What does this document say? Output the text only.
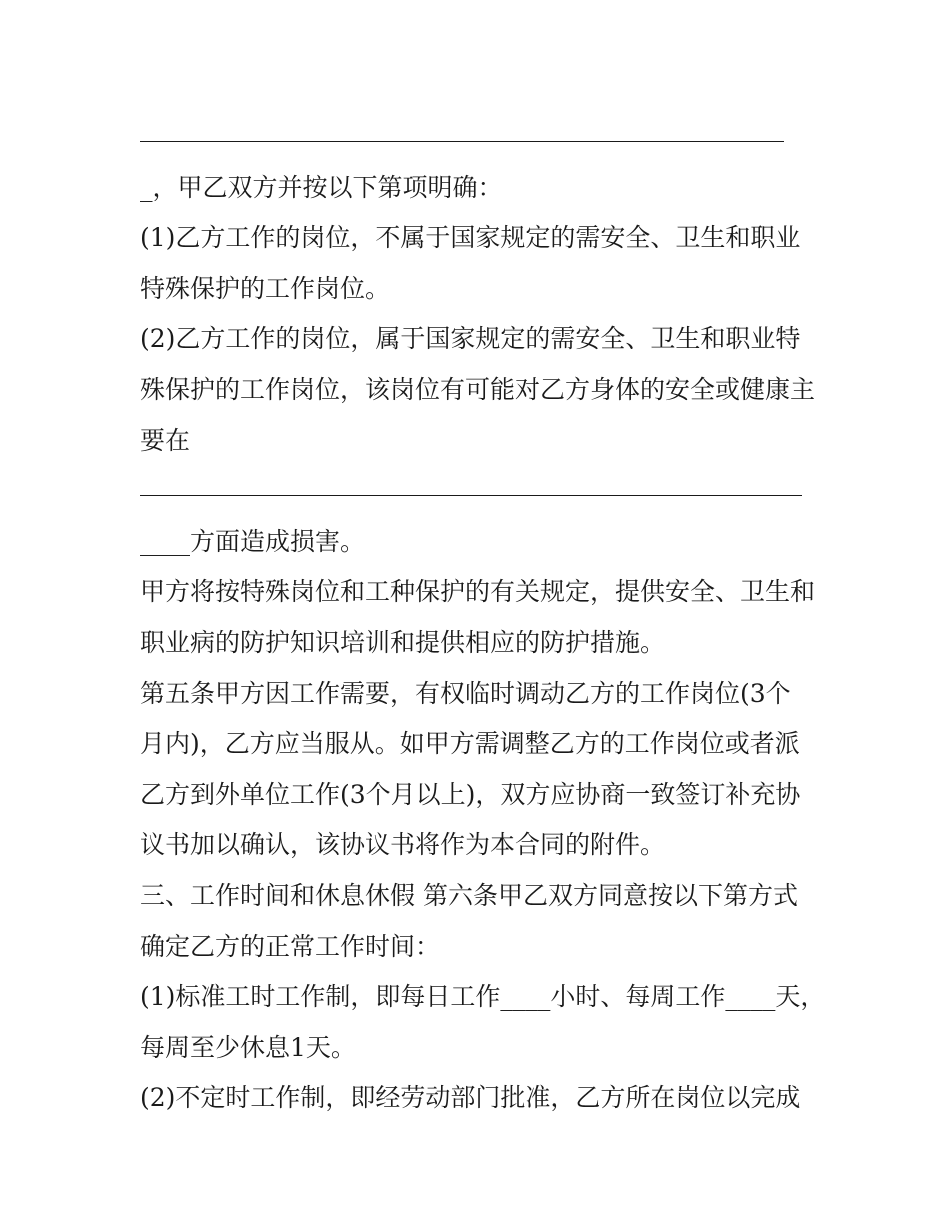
_，甲乙双方并按以下第项明确：
(1)乙方工作的岗位，不属于国家规定的需安全、卫生和职业
特殊保护的工作岗位。
(2)乙方工作的岗位，属于国家规定的需安全、卫生和职业特
殊保护的工作岗位，该岗位有可能对乙方身体的安全或健康主
要在
____方面造成损害。
甲方将按特殊岗位和工种保护的有关规定，提供安全、卫生和
职业病的防护知识培训和提供相应的防护措施。
第五条甲方因工作需要，有权临时调动乙方的工作岗位(3个
月内)，乙方应当服从。如甲方需调整乙方的工作岗位或者派
乙方到外单位工作(3个月以上)，双方应协商一致签订补充协
议书加以确认，该协议书将作为本合同的附件。
三、工作时间和休息休假 第六条甲乙双方同意按以下第方式
确定乙方的正常工作时间：
(1)标准工时工作制，即每日工作____小时、每周工作____天，
每周至少休息1天。
(2)不定时工作制，即经劳动部门批准，乙方所在岗位以完成
